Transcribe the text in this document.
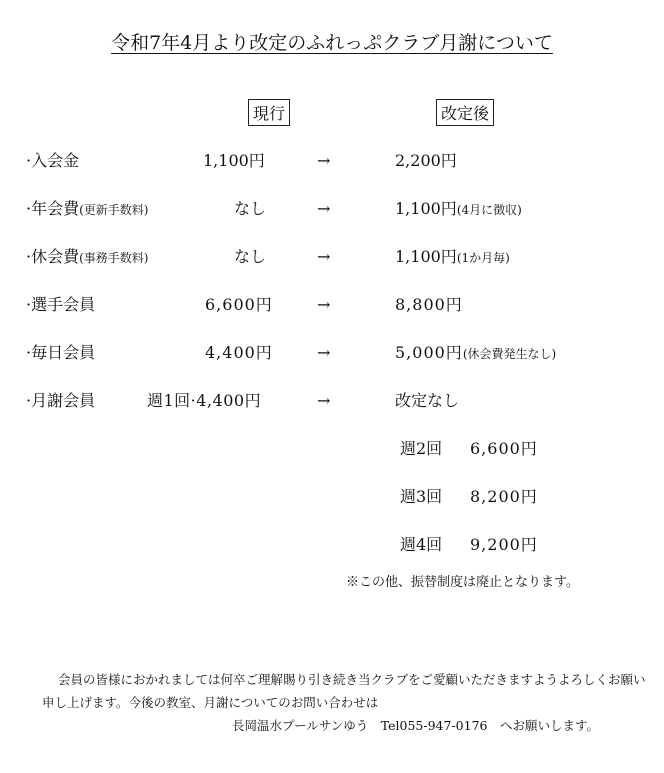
令和7年4月より改定のふれっぷクラブ月謝について
現行	改定後
·入会金	1,100円	→	2,200円
·年会費(更新手数料)	なし	→	1,100円(4月に徴収)
·休会費(事務手数料)	なし	→	1,100円(1か月毎)
·選手会員	6,600円	→	8,800円
·毎日会員	4,400円	→	5,000円(休会費発生なし)
·月謝会員	週1回·4,400円	→	改定なし
週2回 6,600円
週3回 8,200円
週4回 9,200円
※この他、振替制度は廃止となります。
会員の皆様におかれましては何卒ご理解賜り引き続き当クラブをご愛顧いただきますようよろしくお願い
申し上げます。今後の教室、月謝についてのお問い合わせは
長岡温水プールサンゆう　Tel055-947-0176　へお願いします。
